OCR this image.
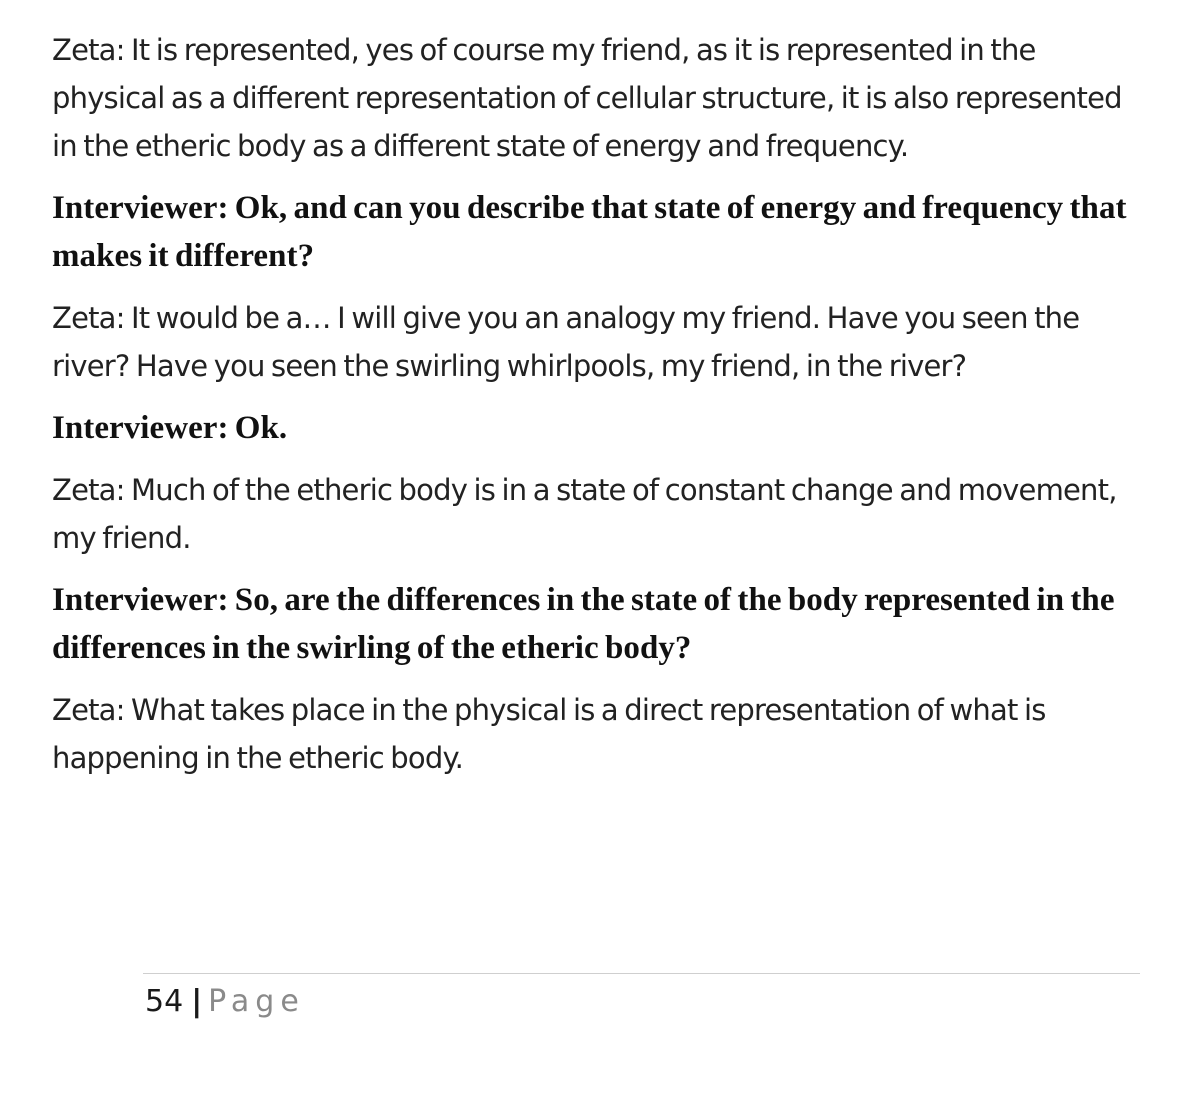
Zeta: It is represented, yes of course my friend, as it is represented in the physical as a different representation of cellular structure, it is also represented in the etheric body as a different state of energy and frequency.

Interviewer: Ok, and can you describe that state of energy and frequency that makes it different?

Zeta: It would be a… I will give you an analogy my friend. Have you seen the river? Have you seen the swirling whirlpools, my friend, in the river?

Interviewer: Ok.

Zeta: Much of the etheric body is in a state of constant change and movement, my friend.

Interviewer: So, are the differences in the state of the body represented in the differences in the swirling of the etheric body?

Zeta: What takes place in the physical is a direct representation of what is happening in the etheric body.

54 | Page
